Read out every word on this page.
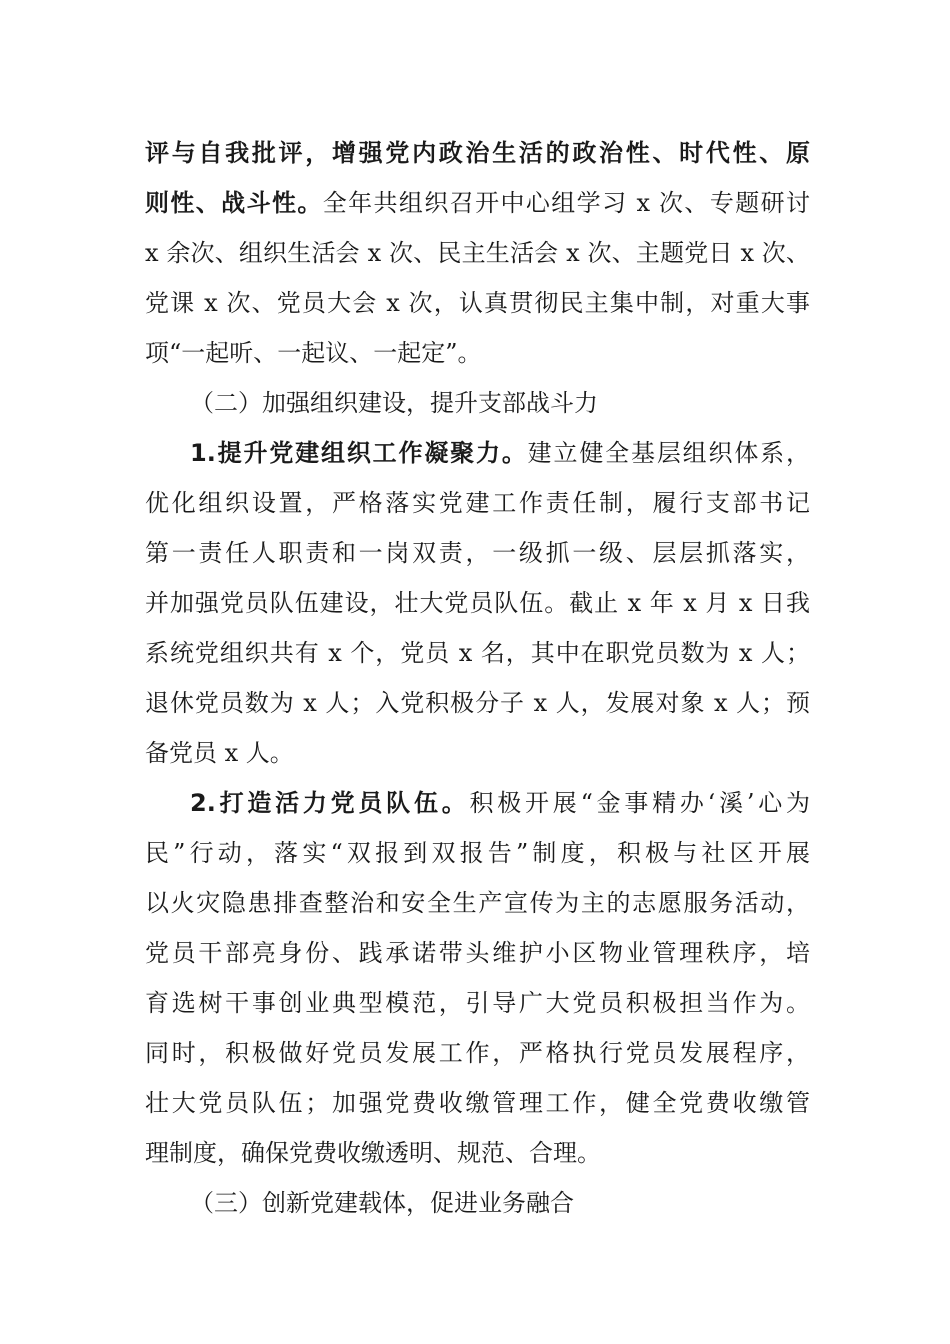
评与自我批评，增强党内政治生活的政治性、时代性、原
则性、战斗性。全年共组织召开中心组学习 x 次、专题研讨
x 余次、组织生活会 x 次、民主生活会 x 次、主题党日 x 次、
党课 x 次、党员大会 x 次，认真贯彻民主集中制，对重大事
项“一起听、一起议、一起定”。
（二）加强组织建设，提升支部战斗力
1.提升党建组织工作凝聚力。建立健全基层组织体系，
优化组织设置，严格落实党建工作责任制，履行支部书记
第一责任人职责和一岗双责，一级抓一级、层层抓落实，
并加强党员队伍建设，壮大党员队伍。截止 x 年 x 月 x 日我
系统党组织共有 x 个，党员 x 名，其中在职党员数为 x 人；
退休党员数为 x 人；入党积极分子 x 人，发展对象 x 人；预
备党员 x 人。
2.打造活力党员队伍。积极开展“金事精办‘溪’心为
民”行动，落实“双报到双报告”制度，积极与社区开展
以火灾隐患排查整治和安全生产宣传为主的志愿服务活动，
党员干部亮身份、践承诺带头维护小区物业管理秩序，培
育选树干事创业典型模范，引导广大党员积极担当作为。
同时，积极做好党员发展工作，严格执行党员发展程序，
壮大党员队伍；加强党费收缴管理工作，健全党费收缴管
理制度，确保党费收缴透明、规范、合理。
（三）创新党建载体，促进业务融合
